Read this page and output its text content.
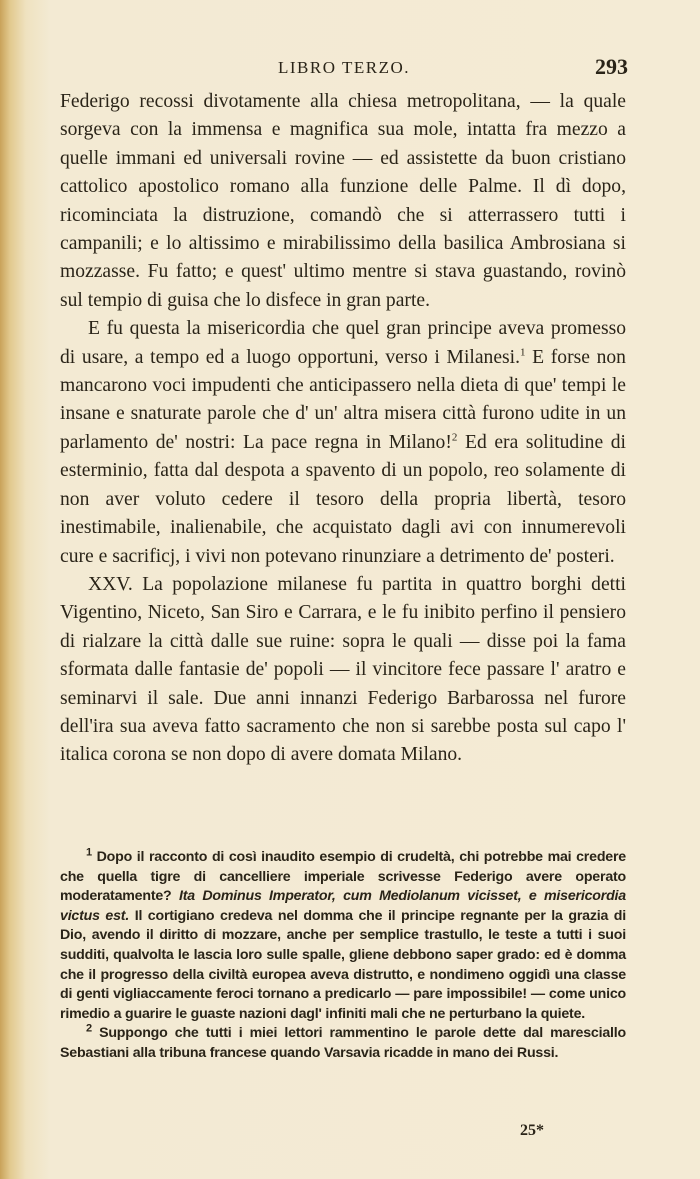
LIBRO TERZO.	293

Federigo recossi divotamente alla chiesa metropolitana, — la quale sorgeva con la immensa e magnifica sua mole, intatta fra mezzo a quelle immani ed universali rovine — ed assistette da buon cristiano cattolico apostolico romano alla funzione delle Palme. Il dì dopo, ricominciata la distruzione, comandò che si atterrassero tutti i campanili; e lo altissimo e mirabilissimo della basilica Ambrosiana si mozzasse. Fu fatto; e quest' ultimo mentre si stava guastando, rovinò sul tempio di guisa che lo disfece in gran parte.

E fu questa la misericordia che quel gran principe aveva promesso di usare, a tempo ed a luogo opportuni, verso i Milanesi.$^1$ E forse non mancarono voci impudenti che anticipassero nella dieta di que' tempi le insane e snaturate parole che d' un' altra misera città furono udite in un parlamento de' nostri: La pace regna in Milano!$^2$ Ed era solitudine di esterminio, fatta dal despota a spavento di un popolo, reo solamente di non aver voluto cedere il tesoro della propria libertà, tesoro inestimabile, inalienabile, che acquistato dagli avi con innumerevoli cure e sacrificj, i vivi non potevano rinunziare a detrimento de' posteri.

XXV. La popolazione milanese fu partita in quattro borghi detti Vigentino, Niceto, San Siro e Carrara, e le fu inibito perfino il pensiero di rialzare la città dalle sue ruine: sopra le quali — disse poi la fama sformata dalle fantasie de' popoli — il vincitore fece passare l' aratro e seminarvi il sale. Due anni innanzi Federigo Barbarossa nel furore dell'ira sua aveva fatto sacramento che non si sarebbe posta sul capo l' italica corona se non dopo di avere domata Milano.

$^1$ Dopo il racconto di così inaudito esempio di crudeltà, chi potrebbe mai credere che quella tigre di cancelliere imperiale scrivesse Federigo avere operato moderatamente? Ita Dominus Imperator, cum Mediolanum vicisset, e misericordia victus est. Il cortigiano credeva nel domma che il principe regnante per la grazia di Dio, avendo il diritto di mozzare, anche per semplice trastullo, le teste a tutti i suoi sudditi, qualvolta le lascia loro sulle spalle, gliene debbono saper grado: ed è domma che il progresso della civiltà europea aveva distrutto, e nondimeno oggidì una classe di genti vigliaccamente feroci tornano a predicarlo — pare impossibile! — come unico rimedio a guarire le guaste nazioni dagl' infiniti mali che ne perturbano la quiete.

$^2$ Suppongo che tutti i miei lettori rammentino le parole dette dal maresciallo Sebastiani alla tribuna francese quando Varsavia ricadde in mano dei Russi.

25*
